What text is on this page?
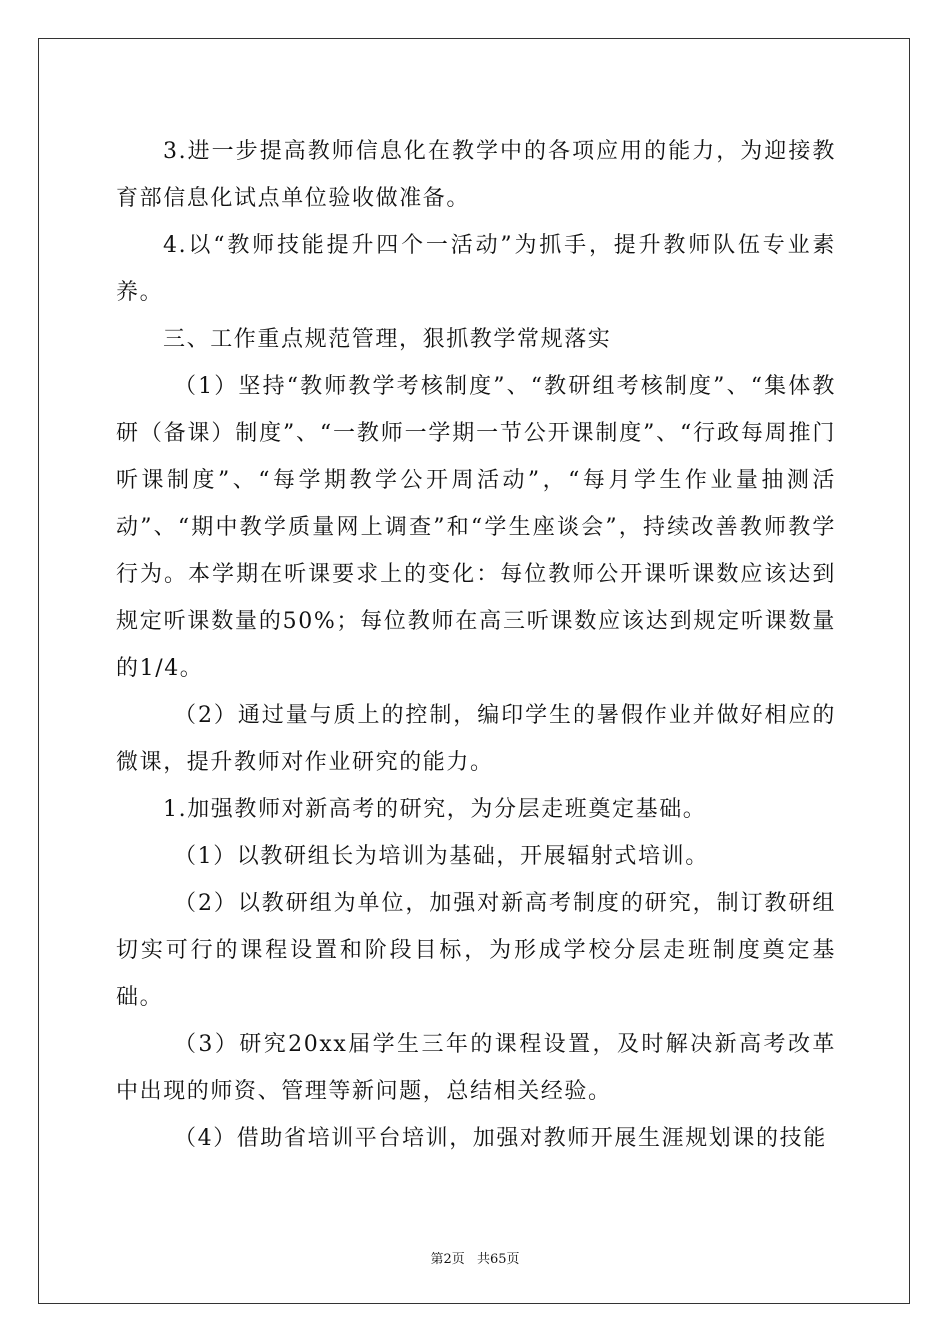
3.进一步提高教师信息化在教学中的各项应用的能力，为迎接教育部信息化试点单位验收做准备。

4.以“教师技能提升四个一活动”为抓手，提升教师队伍专业素养。

三、工作重点规范管理，狠抓教学常规落实

（1）坚持“教师教学考核制度”、“教研组考核制度”、“集体教研（备课）制度”、“一教师一学期一节公开课制度”、“行政每周推门听课制度”、“每学期教学公开周活动”，“每月学生作业量抽测活动”、“期中教学质量网上调查”和“学生座谈会”，持续改善教师教学行为。本学期在听课要求上的变化：每位教师公开课听课数应该达到规定听课数量的50%；每位教师在高三听课数应该达到规定听课数量的1/4。

（2）通过量与质上的控制，编印学生的暑假作业并做好相应的微课，提升教师对作业研究的能力。

1.加强教师对新高考的研究，为分层走班奠定基础。

（1）以教研组长为培训为基础，开展辐射式培训。

（2）以教研组为单位，加强对新高考制度的研究，制订教研组切实可行的课程设置和阶段目标，为形成学校分层走班制度奠定基础。

（3）研究20xx届学生三年的课程设置，及时解决新高考改革中出现的师资、管理等新问题，总结相关经验。

（4）借助省培训平台培训，加强对教师开展生涯规划课的技能

第2页 共65页
